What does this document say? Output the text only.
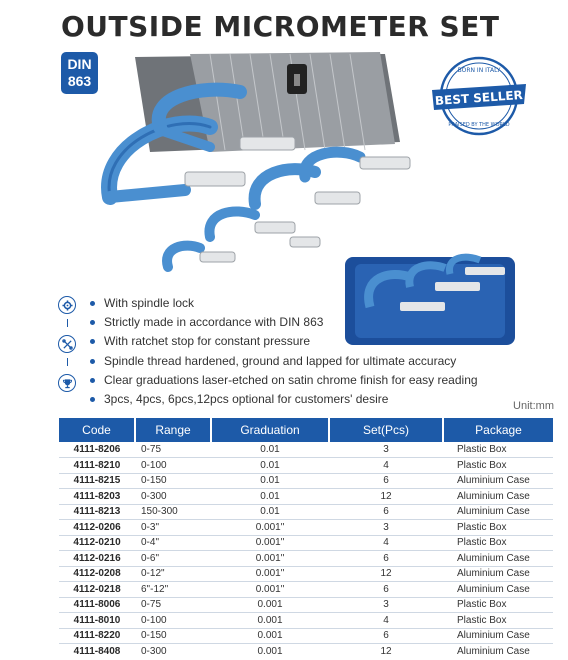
OUTSIDE MICROMETER SET
DIN
863
BORN IN ITALY
BEST SELLER
PRAISED BY THE WORLD
With spindle lock
Strictly made in accordance with DIN 863
With ratchet stop for constant pressure
Spindle thread hardened, ground and lapped for ultimate accuracy
Clear graduations laser-etched on satin chrome finish for easy reading
3pcs, 4pcs, 6pcs,12pcs optional for customers' desire	Unit:mm
Code	Range	Graduation	Set(Pcs)	Package
4111-8206	0-75	0.01	3	Plastic Box
4111-8210	0-100	0.01	4	Plastic Box
4111-8215	0-150	0.01	6	Aluminium Case
4111-8203	0-300	0.01	12	Aluminium Case
4111-8213	150-300	0.01	6	Aluminium Case
4112-0206	0-3"	0.001"	3	Plastic Box
4112-0210	0-4"	0.001"	4	Plastic Box
4112-0216	0-6"	0.001"	6	Aluminium Case
4112-0208	0-12"	0.001"	12	Aluminium Case
4112-0218	6"-12"	0.001"	6	Aluminium Case
4111-8006	0-75	0.001	3	Plastic Box
4111-8010	0-100	0.001	4	Plastic Box
4111-8220	0-150	0.001	6	Aluminium Case
4111-8408	0-300	0.001	12	Aluminium Case
